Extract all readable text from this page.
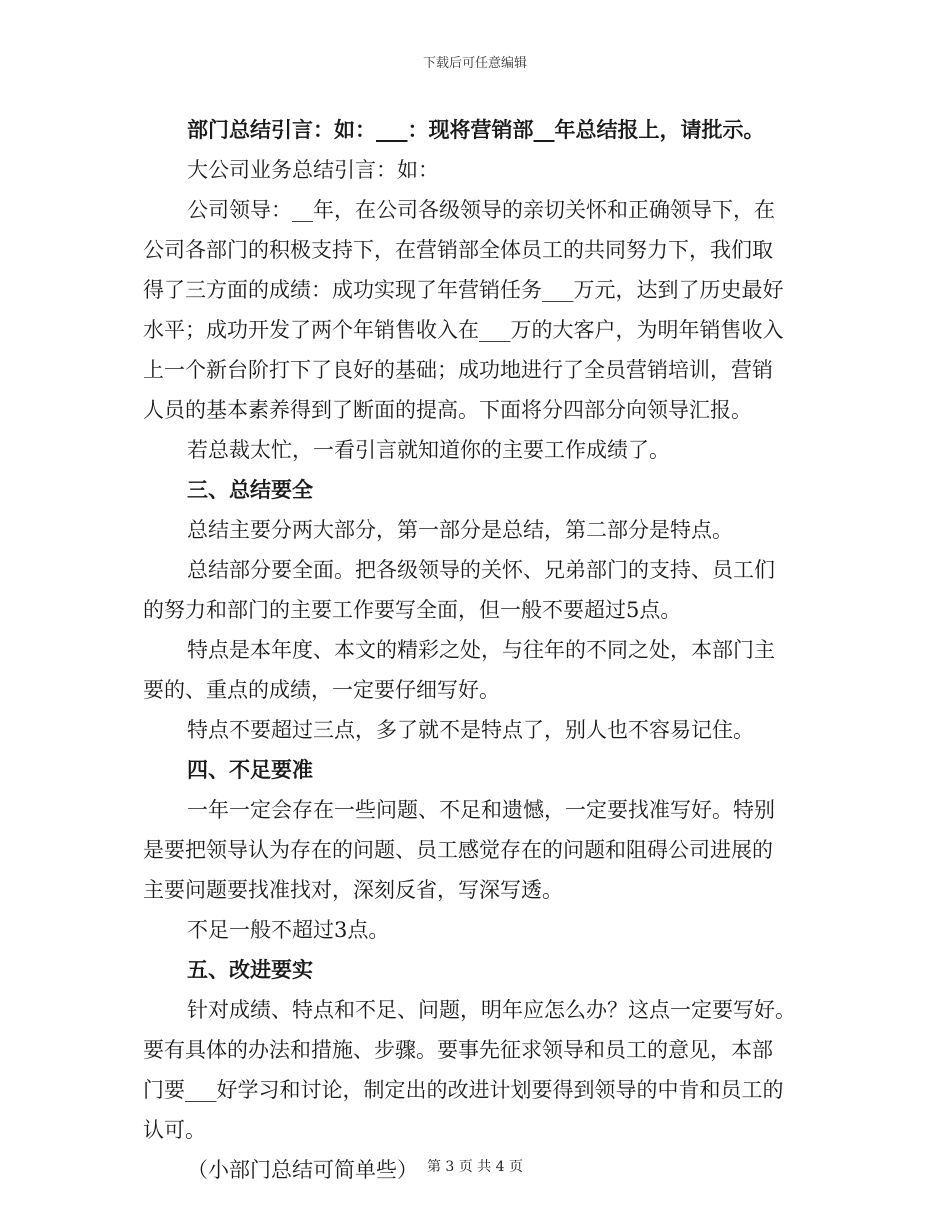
下载后可任意编辑
部门总结引言：如：___：现将营销部__年总结报上，请批示。
大公司业务总结引言：如：
公司领导：__年，在公司各级领导的亲切关怀和正确领导下，在
公司各部门的积极支持下，在营销部全体员工的共同努力下，我们取
得了三方面的成绩：成功实现了年营销任务___万元，达到了历史最好
水平；成功开发了两个年销售收入在___万的大客户，为明年销售收入
上一个新台阶打下了良好的基础；成功地进行了全员营销培训，营销
人员的基本素养得到了断面的提高。下面将分四部分向领导汇报。
若总裁太忙，一看引言就知道你的主要工作成绩了。
三、总结要全
总结主要分两大部分，第一部分是总结，第二部分是特点。
总结部分要全面。把各级领导的关怀、兄弟部门的支持、员工们
的努力和部门的主要工作要写全面，但一般不要超过5点。
特点是本年度、本文的精彩之处，与往年的不同之处，本部门主
要的、重点的成绩，一定要仔细写好。
特点不要超过三点，多了就不是特点了，别人也不容易记住。
四、不足要准
一年一定会存在一些问题、不足和遗憾，一定要找准写好。特别
是要把领导认为存在的问题、员工感觉存在的问题和阻碍公司进展的
主要问题要找准找对，深刻反省，写深写透。
不足一般不超过3点。
五、改进要实
针对成绩、特点和不足、问题，明年应怎么办？这点一定要写好。
要有具体的办法和措施、步骤。要事先征求领导和员工的意见，本部
门要___好学习和讨论，制定出的改进计划要得到领导的中肯和员工的
认可。
（小部门总结可简单些） 第 3 页 共 4 页
